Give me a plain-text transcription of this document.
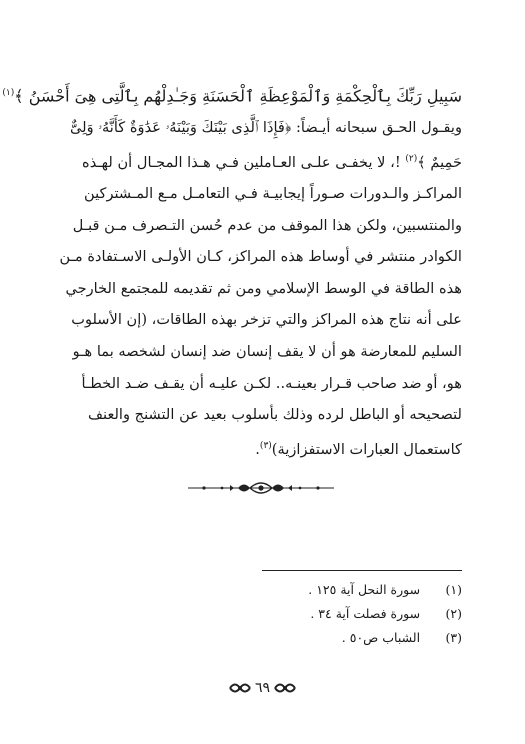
سَبِيلِ رَبِّكَ بِٱلْحِكْمَةِ وَٱلْمَوْعِظَةِ ٱلْحَسَنَةِ وَجَـٰدِلْهُم بِٱلَّتِى هِىَ أَحْسَنُ ﴾$^{(١)}$
ويقـول الحـق سبحانه أيـضاً: ﴿فَإِذَا ٱلَّذِى بَيْنَكَ وَبَيْنَهُۥ عَدَٰوَةٌ كَأَنَّهُۥ وَلِىٌّ
حَمِيمٌ ﴾$^{(٢)}$ !، لا يخفـى علـى العـاملين فـي هـذا المجـال أن لهـذه
المراكـز والـدورات صـوراً إيجابيـة فـي التعامـل مـع المـشتركين
والمنتسبين، ولكن هذا الموقف من عدم حُسن التـصرف مـن قبـل
الكوادر منتشر في أوساط هذه المراكز، كـان الأولـى الاسـتفادة مـن
هذه الطاقة في الوسط الإسلامي ومن ثم تقديمه للمجتمع الخارجي
على أنه نتاج هذه المراكز والتي تزخر بهذه الطاقات، (إن الأسلوب
السليم للمعارضة هو أن لا يقف إنسان ضد إنسان لشخصه بما هـو
هو، أو ضد صاحب قـرار بعينـه.. لكـن عليـه أن يقـف ضـد الخطـأ
لتصحيحه أو الباطل لرده وذلك بأسلوب بعيد عن التشنج والعنف
كاستعمال العبارات الاستفزازية)$^{(٣)}$.
(١)  سورة النحل آية ١٢٥ .
(٢)  سورة فصلت آية ٣٤ .
(٣)  الشباب ص٥٠ .
٦٩
